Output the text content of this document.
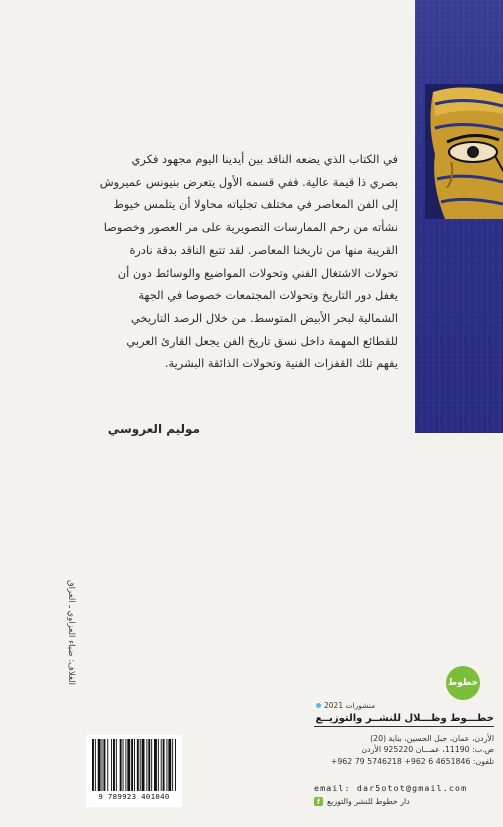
في الكتاب الذي يضعه الناقد بين أيدينا اليوم مجهود فكري

بصري ذا قيمة عالية. ففي قسمه الأول يتعرض بنيونس عميروش

إلى الفن المعاصر في مختلف تجلياته محاولا أن يتلمس خيوط

نشأته من رحم الممارسات التصويرية على مر العصور وخصوصا

القريبة منها من تاريخنا المعاصر. لقد تتبع الناقد بدقة نادرة

تحولات الاشتغال الفني وتحولات المواضيع والوسائط دون أن

يغفل دور التاريخ وتحولات المجتمعات خصوصا في الجهة

الشمالية لبحر الأبيض المتوسط. من خلال الرصد التاريخي

للقطائع المهمة داخل نسق تاريخ الفن يجعل القارئ العربي

يفهم تلك القفزات الفنية وتحولات الذائقة البشرية.

موليم العروسي
الغلاف: ضياء العزاوي ـ العراق	خطوط
منشورات 2021
خطـــوط وظـــلال للنشــر والتوزيــع
الأردن، عمان، جبل الحسين، بناية (20)
ص.ب: 11190، عمـــان 925220 الأردن
تلفون: 4651846 6 962+ 5746218 79 962+
email: dar5otot@gmail.com
f دار خطوط للنشر والتوزيع
9 789923 401040
